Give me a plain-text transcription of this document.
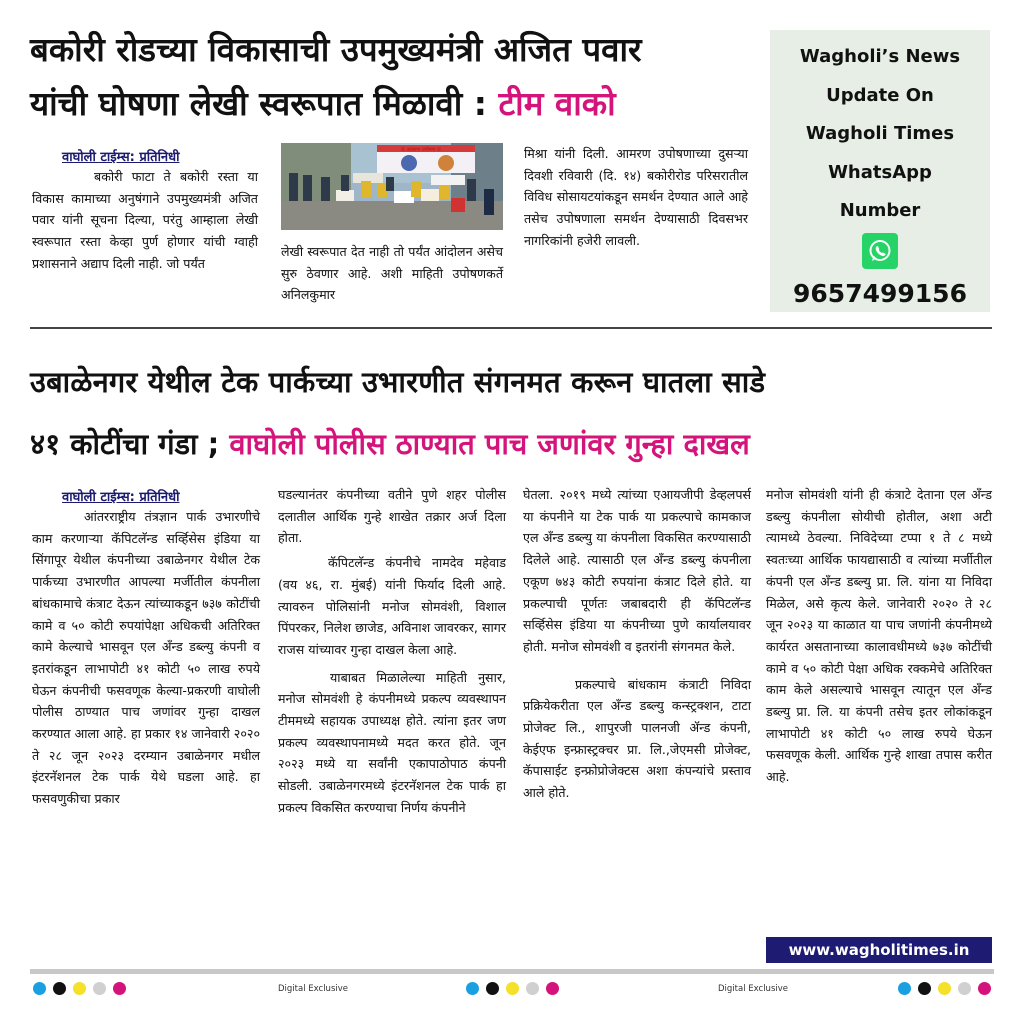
बकोरी रोडच्या विकासाची उपमुख्यमंत्री अजित पवार
यांची घोषणा लेखी स्वरूपात मिळावी : टीम वाको
Wagholi’s News
Update On
Wagholi Times
WhatsApp
Number
9657499156
वाघोली टाईम्स: प्रतिनिधी

बकोरी फाटा ते बकोरी रस्ता या विकास कामाच्या अनुषंगाने उपमुख्यमंत्री अजित पवार यांनी सूचना दिल्या, परंतु आम्हाला लेखी स्वरूपात रस्ता केव्हा पुर्ण होणार यांची ग्वाही प्रशासनाने अद्याप दिली नाही. जो पर्यंत

II आमरण उपोषण II

लेखी स्वरूपात देत नाही तो पर्यंत आंदोलन असेच सुरु ठेवणार आहे. अशी माहिती उपोषणकर्ते अनिलकुमार

मिश्रा यांनी दिली. आमरण उपोषणाच्या दुसऱ्या दिवशी रविवारी (दि. १४) बकोरीरोड परिसरातील विविध सोसायटयांकडून समर्थन देण्यात आले आहे तसेच उपोषणाला समर्थन देण्यासाठी दिवसभर नागरिकांनी हजेरी लावली.

उबाळेनगर येथील टेक पार्कच्या उभारणीत संगनमत करून घातला साडे
४१ कोटींचा गंडा ; वाघोली पोलीस ठाण्यात पाच जणांवर गुन्हा दाखल
वाघोली टाईम्स: प्रतिनिधी

आंतरराष्ट्रीय तंत्रज्ञान पार्क उभारणीचे काम करणाऱ्या कॅपिटलॅन्ड सर्व्हिसेस इंडिया या सिंगापूर येथील कंपनीच्या उबाळेनगर येथील टेक पार्कच्या उभारणीत आपल्या मर्जीतील कंपनीला बांधकामाचे कंत्राट देऊन त्यांच्याकडून ७३७ कोटींची कामे व ५० कोटी रुपयांपेक्षा अधिकची अतिरिक्त कामे केल्याचे भासवून एल अँन्ड डब्ल्यु कंपनी व इतरांकडून लाभापोटी ४१ कोटी ५० लाख रुपये घेऊन कंपनीची फसवणूक केल्या-प्रकरणी वाघोली पोलीस ठाण्यात पाच जणांवर गुन्हा दाखल करण्यात आला आहे. हा प्रकार १४ जानेवारी २०२० ते २८ जून २०२३ दरम्यान उबाळेनगर मधील इंटरनॅशनल टेक पार्क येथे घडला आहे. हा फसवणुकीचा प्रकार

घडल्यानंतर कंपनीच्या वतीने पुणे शहर पोलीस दलातील आर्थिक गुन्हे शाखेत तक्रार अर्ज दिला होता.

कॅपिटलॅन्ड कंपनीचे नामदेव महेवाड (वय ४६, रा. मुंबई) यांनी फिर्याद दिली आहे. त्यावरुन पोलिसांनी मनोज सोमवंशी, विशाल पिंपरकर, निलेश छाजेड, अविनाश जावरकर, सागर राजस यांच्यावर गुन्हा दाखल केला आहे.

याबाबत मिळालेल्या माहिती नुसार, मनोज सोमवंशी हे कंपनीमध्ये प्रकल्प व्यवस्थापन टीममध्ये सहायक उपाध्यक्ष होते. त्यांना इतर जण प्रकल्प व्यवस्थापनामध्ये मदत करत होते. जून २०२३ मध्ये या सर्वांनी एकापाठोपाठ कंपनी सोडली. उबाळेनगरमध्ये इंटरनॅशनल टेक पार्क हा प्रकल्प विकसित करण्याचा निर्णय कंपनीने

घेतला. २०१९ मध्ये त्यांच्या एआयजीपी डेव्हलपर्स या कंपनीने या टेक पार्क या प्रकल्पाचे कामकाज एल अँन्ड डब्ल्यु या कंपनीला विकसित करण्यासाठी दिलेले आहे. त्यासाठी एल अँन्ड डब्ल्यु कंपनीला एकूण ७४३ कोटी रुपयांना कंत्राट दिले होते. या प्रकल्पाची पूर्णतः जबाबदारी ही कॅपिटलॅन्ड सर्व्हिसेस इंडिया या कंपनीच्या पुणे कार्यालयावर होती. मनोज सोमवंशी व इतरांनी संगनमत केले.

प्रकल्पाचे बांधकाम कंत्राटी निविदा प्रक्रियेकरीता एल अँन्ड डब्ल्यु कन्स्ट्रक्शन, टाटा प्रोजेक्ट लि., शापुरजी पालनजी ॲन्ड कंपनी, केईएफ इन्फ्रास्ट्रक्चर प्रा. लि.,जेएमसी प्रोजेक्ट, कॅपासाईट इन्फ्रोप्रोजेक्टस अशा कंपन्यांचे प्रस्ताव आले होते.

मनोज सोमवंशी यांनी ही कंत्राटे देताना एल अँन्ड डब्ल्यु कंपनीला सोयीची होतील, अशा अटी त्यामध्ये ठेवल्या. निविदेच्या टप्पा १ ते ८ मध्ये स्वतःच्या आर्थिक फायद्यासाठी व त्यांच्या मर्जीतील कंपनी एल अँन्ड डब्ल्यु प्रा. लि. यांना या निविदा मिळेल, असे कृत्य केले. जानेवारी २०२० ते २८ जून २०२३ या काळात या पाच जणांनी कंपनीमध्ये कार्यरत असतानाच्या कालावधीमध्ये ७३७ कोटींची कामे व ५० कोटी पेक्षा अधिक रक्कमेचे अतिरिक्त काम केले असल्याचे भासवून त्यातून एल अँन्ड डब्ल्यु प्रा. लि. या कंपनी तसेच इतर लोकांकडून लाभापोटी ४१ कोटी ५० लाख रुपये घेऊन फसवणूक केली. आर्थिक गुन्हे शाखा तपास करीत आहे.

www.wagholitimes.in
Digital Exclusive	Digital Exclusive
